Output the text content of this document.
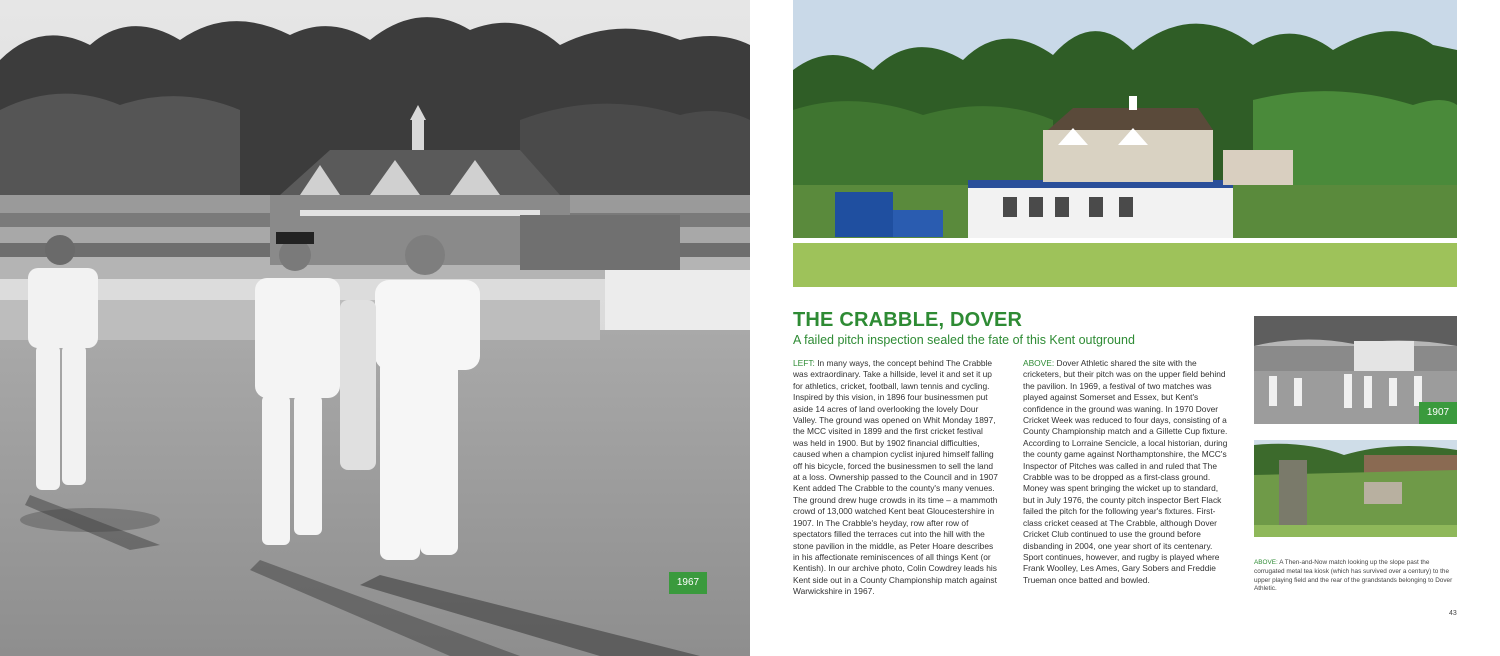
1967
THE CRABBLE, DOVER

A failed pitch inspection sealed the fate of this Kent outground

LEFT: In many ways, the concept behind The Crabble was extraordinary. Take a hillside, level it and set it up for athletics, cricket, football, lawn tennis and cycling. Inspired by this vision, in 1896 four businessmen put aside 14 acres of land overlooking the lovely Dour Valley. The ground was opened on Whit Monday 1897, the MCC visited in 1899 and the first cricket festival was held in 1900. But by 1902 financial difficulties, caused when a champion cyclist injured himself falling off his bicycle, forced the businessmen to sell the land at a loss. Ownership passed to the Council and in 1907 Kent added The Crabble to the county's many venues. The ground drew huge crowds in its time – a mammoth crowd of 13,000 watched Kent beat Gloucestershire in 1907. In The Crabble's heyday, row after row of spectators filled the terraces cut into the hill with the stone pavilion in the middle, as Peter Hoare describes in his affectionate reminiscences of all things Kent (or Kentish). In our archive photo, Colin Cowdrey leads his Kent side out in a County Championship match against Warwickshire in 1967.
ABOVE: Dover Athletic shared the site with the cricketers, but their pitch was on the upper field behind the pavilion. In 1969, a festival of two matches was played against Somerset and Essex, but Kent's confidence in the ground was waning. In 1970 Dover Cricket Week was reduced to four days, consisting of a County Championship match and a Gillette Cup fixture. According to Lorraine Sencicle, a local historian, during the county game against Northamptonshire, the MCC's Inspector of Pitches was called in and ruled that The Crabble was to be dropped as a first-class ground. Money was spent bringing the wicket up to standard, but in July 1976, the county pitch inspector Bert Flack failed the pitch for the following year's fixtures. First-class cricket ceased at The Crabble, although Dover Cricket Club continued to use the ground before disbanding in 2004, one year short of its centenary. Sport continues, however, and rugby is played where Frank Woolley, Les Ames, Gary Sobers and Freddie Trueman once batted and bowled.
1907
ABOVE: A Then-and-Now match looking up the slope past the corrugated metal tea kiosk (which has survived over a century) to the upper playing field and the rear of the grandstands belonging to Dover Athletic.
43
